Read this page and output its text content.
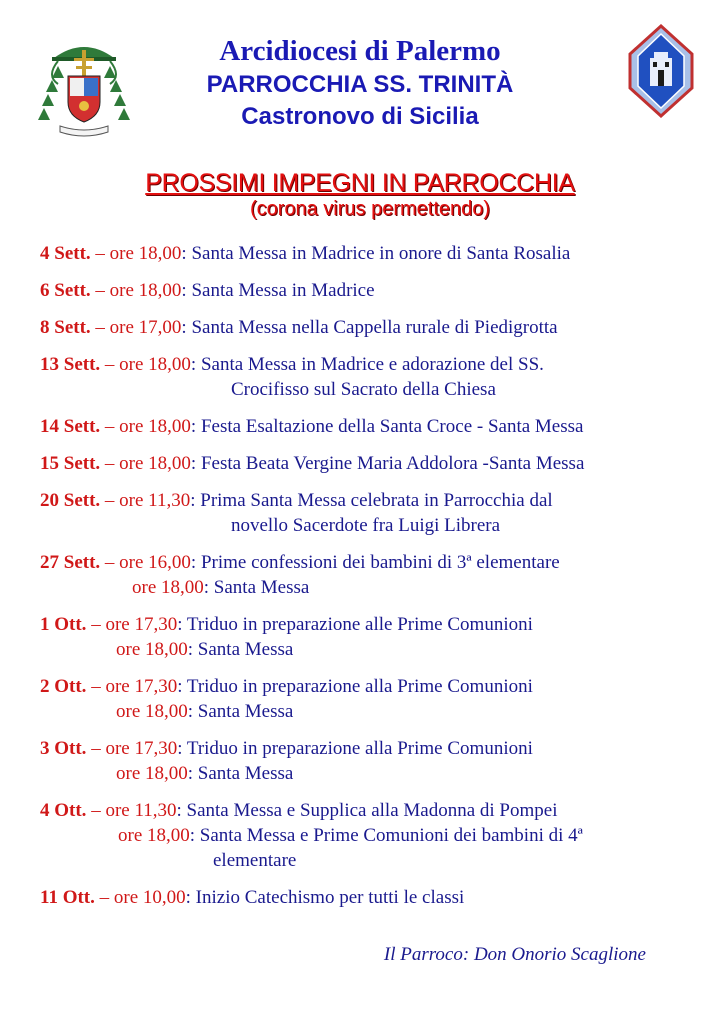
Arcidiocesi di Palermo
PARROCCHIA SS. TRINITÀ
Castronovo di Sicilia
PROSSIMI IMPEGNI IN PARROCCHIA
(corona virus permettendo)
4 Sett. – ore 18,00: Santa Messa in Madrice in onore di Santa Rosalia
6 Sett. – ore 18,00: Santa Messa in Madrice
8 Sett. – ore 17,00: Santa Messa nella Cappella rurale di Piedigrotta
13 Sett. – ore 18,00: Santa Messa in Madrice e adorazione del SS.
Crocifisso sul Sacrato della Chiesa
14 Sett. – ore 18,00: Festa Esaltazione della Santa Croce - Santa Messa
15 Sett. – ore 18,00: Festa Beata Vergine Maria Addolora -Santa Messa
20 Sett. – ore 11,30: Prima Santa Messa celebrata in Parrocchia dal
novello Sacerdote fra Luigi Librera
27 Sett. – ore 16,00: Prime confessioni dei bambini di 3ª elementare
ore 18,00: Santa Messa
1 Ott. – ore 17,30: Triduo in preparazione alle Prime Comunioni
ore 18,00: Santa Messa
2 Ott. – ore 17,30: Triduo in preparazione alla Prime Comunioni
ore 18,00: Santa Messa
3 Ott. – ore 17,30: Triduo in preparazione alla Prime Comunioni
ore 18,00: Santa Messa
4 Ott. – ore 11,30: Santa Messa e Supplica alla Madonna di Pompei
ore 18,00: Santa Messa e Prime Comunioni dei bambini di 4ª
elementare
11 Ott. – ore 10,00: Inizio Catechismo per tutti le classi
Il Parroco: Don Onorio Scaglione
